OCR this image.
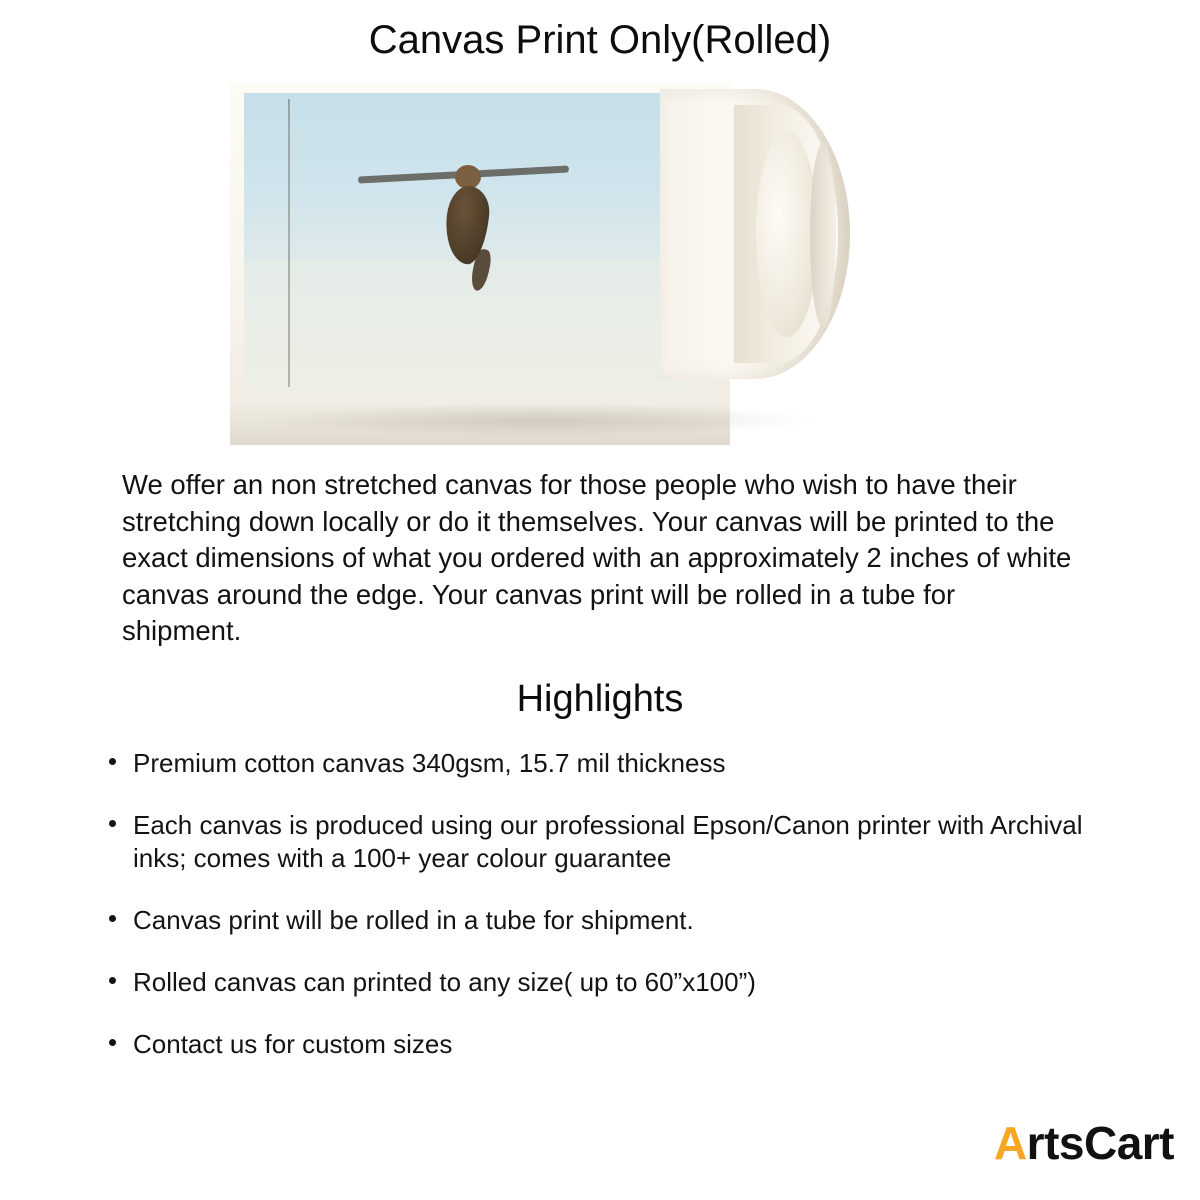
Canvas Print Only(Rolled)

We offer an non stretched canvas for those people who wish to have their stretching down locally or do it themselves. Your canvas will be printed to the exact dimensions of what you ordered with an approximately 2 inches of white canvas around the edge. Your canvas print will be rolled in a tube for shipment.

Highlights
Premium cotton canvas 340gsm, 15.7 mil thickness
Each canvas is produced using our professional Epson/Canon printer with Archival inks; comes with a 100+ year colour guarantee
Canvas print will be rolled in a tube for shipment.
Rolled canvas can printed to any size( up to 60”x100”)
Contact us for custom sizes
A rtsCart
